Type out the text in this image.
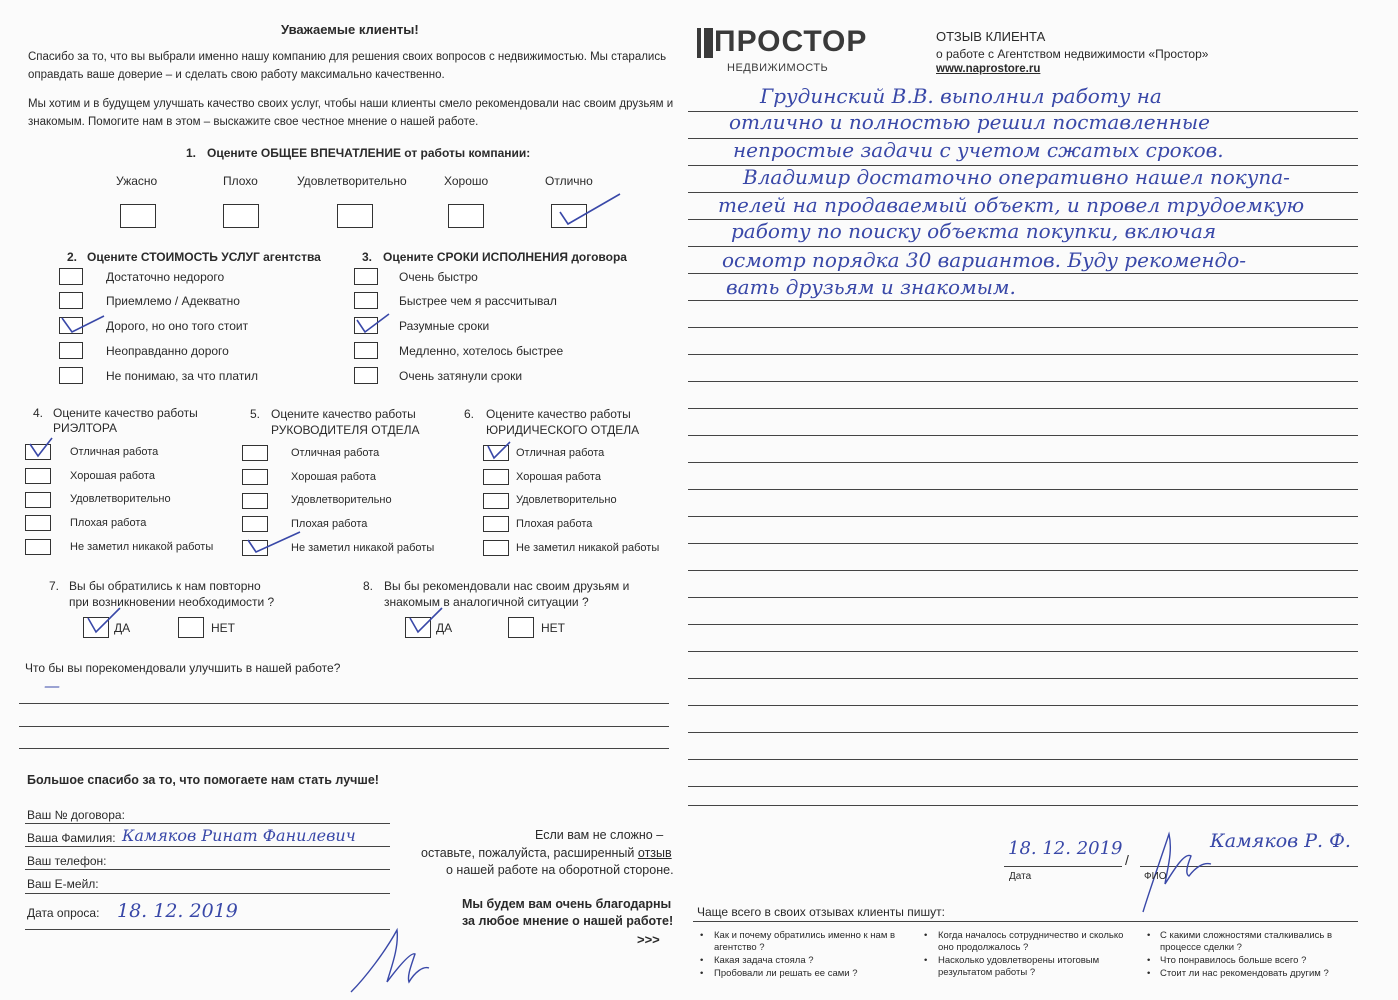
Уважаемые клиенты!
Спасибо за то, что вы выбрали именно нашу компанию для решения своих вопросов с недвижимостью. Мы старались
оправдать ваше доверие – и сделать свою работу максимально качественно.
Мы хотим и в будущем улучшать качество своих услуг, чтобы наши клиенты смело рекомендовали нас своим друзьям и
знакомым. Помогите нам в этом – выскажите свое честное мнение о нашей работе.
1. Оцените ОБЩЕЕ ВПЕЧАТЛЕНИЕ от работы компании:
Ужасно	Плохо	Удовлетворительно	Хорошо	Отлично
2. Оцените СТОИМОСТЬ УСЛУГ агентства
Достаточно недорого
Приемлемо / Адекватно
Дорого, но оно того стоит
Неоправданно дорого
Не понимаю, за что платил
3. Оцените СРОКИ ИСПОЛНЕНИЯ договора
Очень быстро
Быстрее чем я рассчитывал
Разумные сроки
Медленно, хотелось быстрее
Очень затянули сроки
4. Оцените качество работы
РИЭЛТОРА
5. Оцените качество работы
РУКОВОДИТЕЛЯ ОТДЕЛА
6. Оцените качество работы
ЮРИДИЧЕСКОГО ОТДЕЛА
Отличная работа
Хорошая работа
Удовлетворительно
Плохая работа
Не заметил никакой работы
Отличная работа
Хорошая работа
Удовлетворительно
Плохая работа
Не заметил никакой работы
Отличная работа
Хорошая работа
Удовлетворительно
Плохая работа
Не заметил никакой работы
7. Вы бы обратились к нам повторно
при возникновении необходимости ?
ДА	НЕТ
8. Вы бы рекомендовали нас своим друзьям и
знакомым в аналогичной ситуации ?
ДА	НЕТ
Что бы вы порекомендовали улучшить в нашей работе?
—
Большое спасибо за то, что помогаете нам стать лучше!
Ваш № договора:
Ваша Фамилия: Камяков Ринат Фанилевич
Ваш телефон:
Ваш Е-мейл:
Дата опроса: 18. 12. 2019
Если вам не сложно –
оставьте, пожалуйста, расширенный отзыв
о нашей работе на оборотной стороне.
Мы будем вам очень благодарны
за любое мнение о нашей работе!
>>>
ПРОСТОР
НЕДВИЖИМОСТЬ
ОТЗЫВ КЛИЕНТА
о работе с Агентством недвижимости «Простор»
www.naprostore.ru
Грудинский В.В. выполнил работу на
отлично и полностью решил поставленные
непростые задачи с учетом сжатых сроков.
Владимир достаточно оперативно нашел покупа-
телей на продаваемый объект, и провел трудоемкую
работу по поиску объекта покупки, включая
осмотр порядка 30 вариантов. Буду рекомендо-
вать друзьям и знакомым.
18. 12. 2019
/
Камяков Р. Ф.
Дата	ФИО
Чаще всего в своих отзывах клиенты пишут:
• Как и почему обратились именно к нам в агентство ?
• Какая задача стояла ?
• Пробовали ли решать ее сами ?
• Когда началось сотрудничество и сколько оно продолжалось ?
• Насколько удовлетворены итоговым результатом работы ?
• С какими сложностями сталкивались в процессе сделки ?
• Что понравилось больше всего ?
• Стоит ли нас рекомендовать другим ?
